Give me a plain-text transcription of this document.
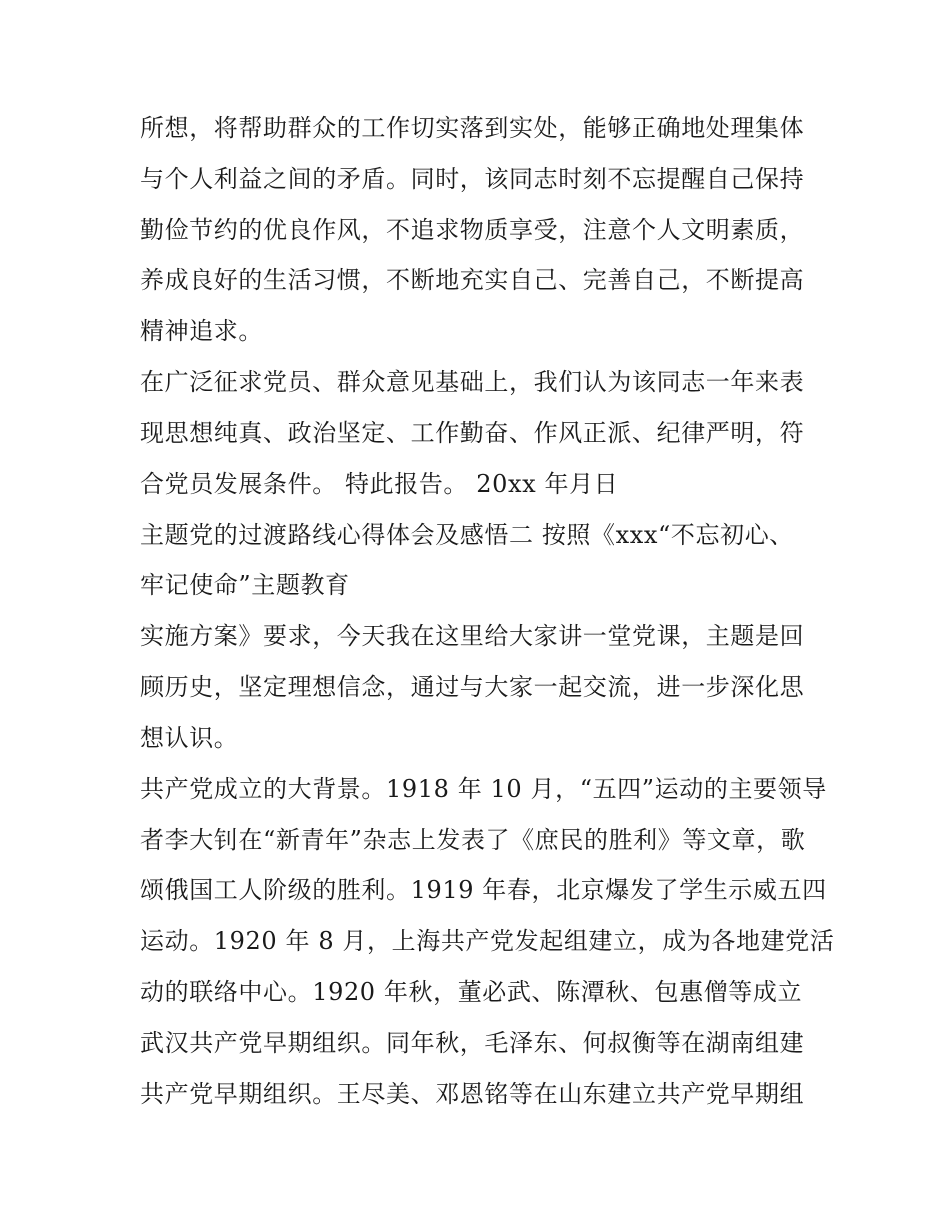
所想，将帮助群众的工作切实落到实处，能够正确地处理集体
与个人利益之间的矛盾。同时，该同志时刻不忘提醒自己保持
勤俭节约的优良作风，不追求物质享受，注意个人文明素质，
养成良好的生活习惯，不断地充实自己、完善自己，不断提高
精神追求。
在广泛征求党员、群众意见基础上，我们认为该同志一年来表
现思想纯真、政治坚定、工作勤奋、作风正派、纪律严明，符
合党员发展条件。 特此报告。 20xx 年月日
主题党的过渡路线心得体会及感悟二 按照《xxx“不忘初心、
牢记使命”主题教育
实施方案》要求，今天我在这里给大家讲一堂党课，主题是回
顾历史，坚定理想信念，通过与大家一起交流，进一步深化思
想认识。
共产党成立的大背景。1918 年 10 月，“五四”运动的主要领导
者李大钊在“新青年”杂志上发表了《庶民的胜利》等文章，歌
颂俄国工人阶级的胜利。1919 年春，北京爆发了学生示威五四
运动。1920 年 8 月，上海共产党发起组建立，成为各地建党活
动的联络中心。1920 年秋，董必武、陈潭秋、包惠僧等成立
武汉共产党早期组织。同年秋，毛泽东、何叔衡等在湖南组建
共产党早期组织。王尽美、邓恩铭等在山东建立共产党早期组
